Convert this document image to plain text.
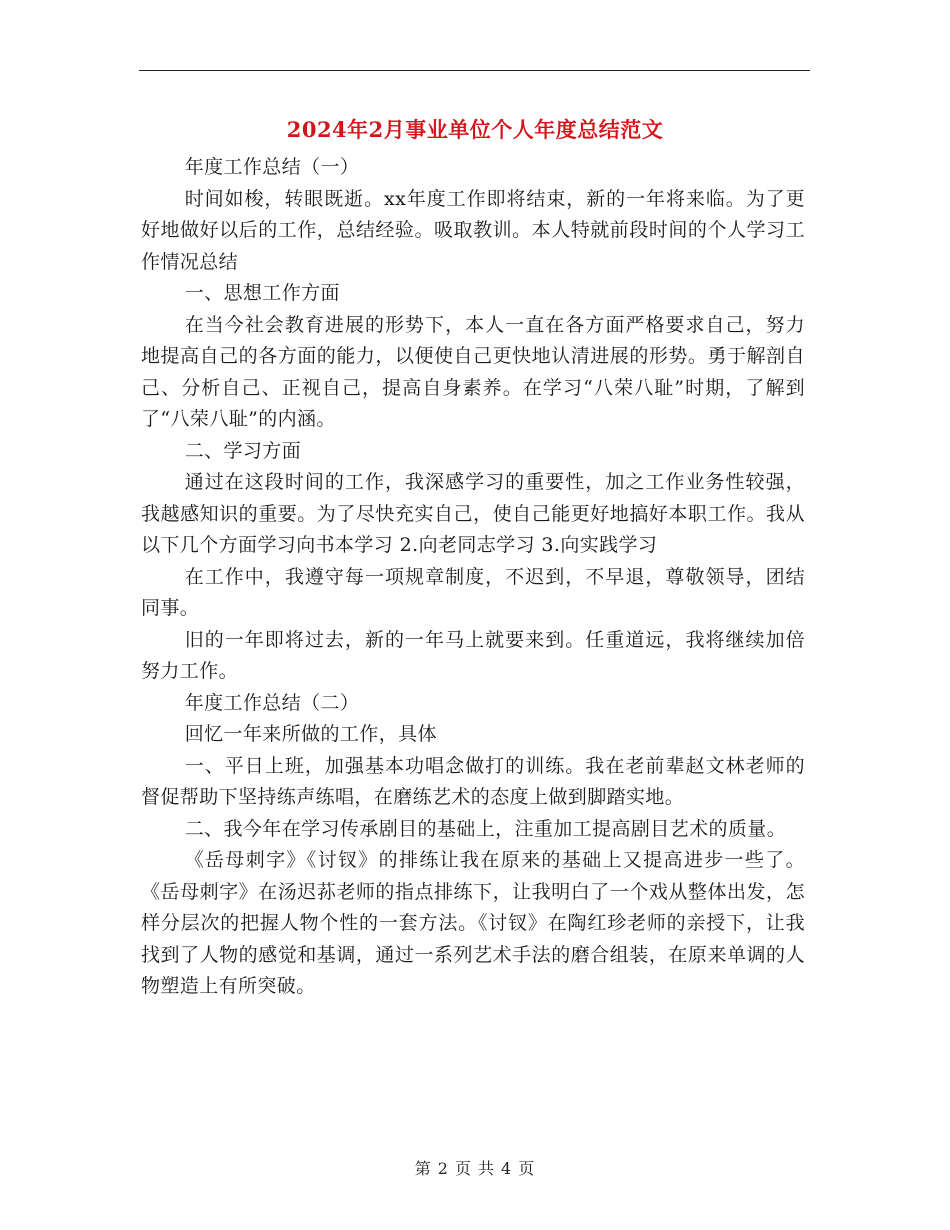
2024年2月事业单位个人年度总结范文

年度工作总结（一）

时间如梭，转眼既逝。xx年度工作即将结束，新的一年将来临。为了更好地做好以后的工作，总结经验。吸取教训。本人特就前段时间的个人学习工作情况总结

一、思想工作方面

在当今社会教育进展的形势下，本人一直在各方面严格要求自己，努力地提高自己的各方面的能力，以便使自己更快地认清进展的形势。勇于解剖自己、分析自己、正视自己，提高自身素养。在学习“八荣八耻”时期，了解到了“八荣八耻”的内涵。

二、学习方面

通过在这段时间的工作，我深感学习的重要性，加之工作业务性较强，我越感知识的重要。为了尽快充实自己，使自己能更好地搞好本职工作。我从以下几个方面学习向书本学习 2.向老同志学习 3.向实践学习

在工作中，我遵守每一项规章制度，不迟到，不早退，尊敬领导，团结同事。

旧的一年即将过去，新的一年马上就要来到。任重道远，我将继续加倍努力工作。

年度工作总结（二）

回忆一年来所做的工作，具体

一、平日上班，加强基本功唱念做打的训练。我在老前辈赵文林老师的督促帮助下坚持练声练唱，在磨练艺术的态度上做到脚踏实地。

二、我今年在学习传承剧目的基础上，注重加工提高剧目艺术的质量。

《岳母刺字》《讨钗》的排练让我在原来的基础上又提高进步一些了。《岳母刺字》在汤迟荪老师的指点排练下，让我明白了一个戏从整体出发，怎样分层次的把握人物个性的一套方法。《讨钗》在陶红珍老师的亲授下，让我找到了人物的感觉和基调，通过一系列艺术手法的磨合组装，在原来单调的人物塑造上有所突破。

第 2 页 共 4 页
